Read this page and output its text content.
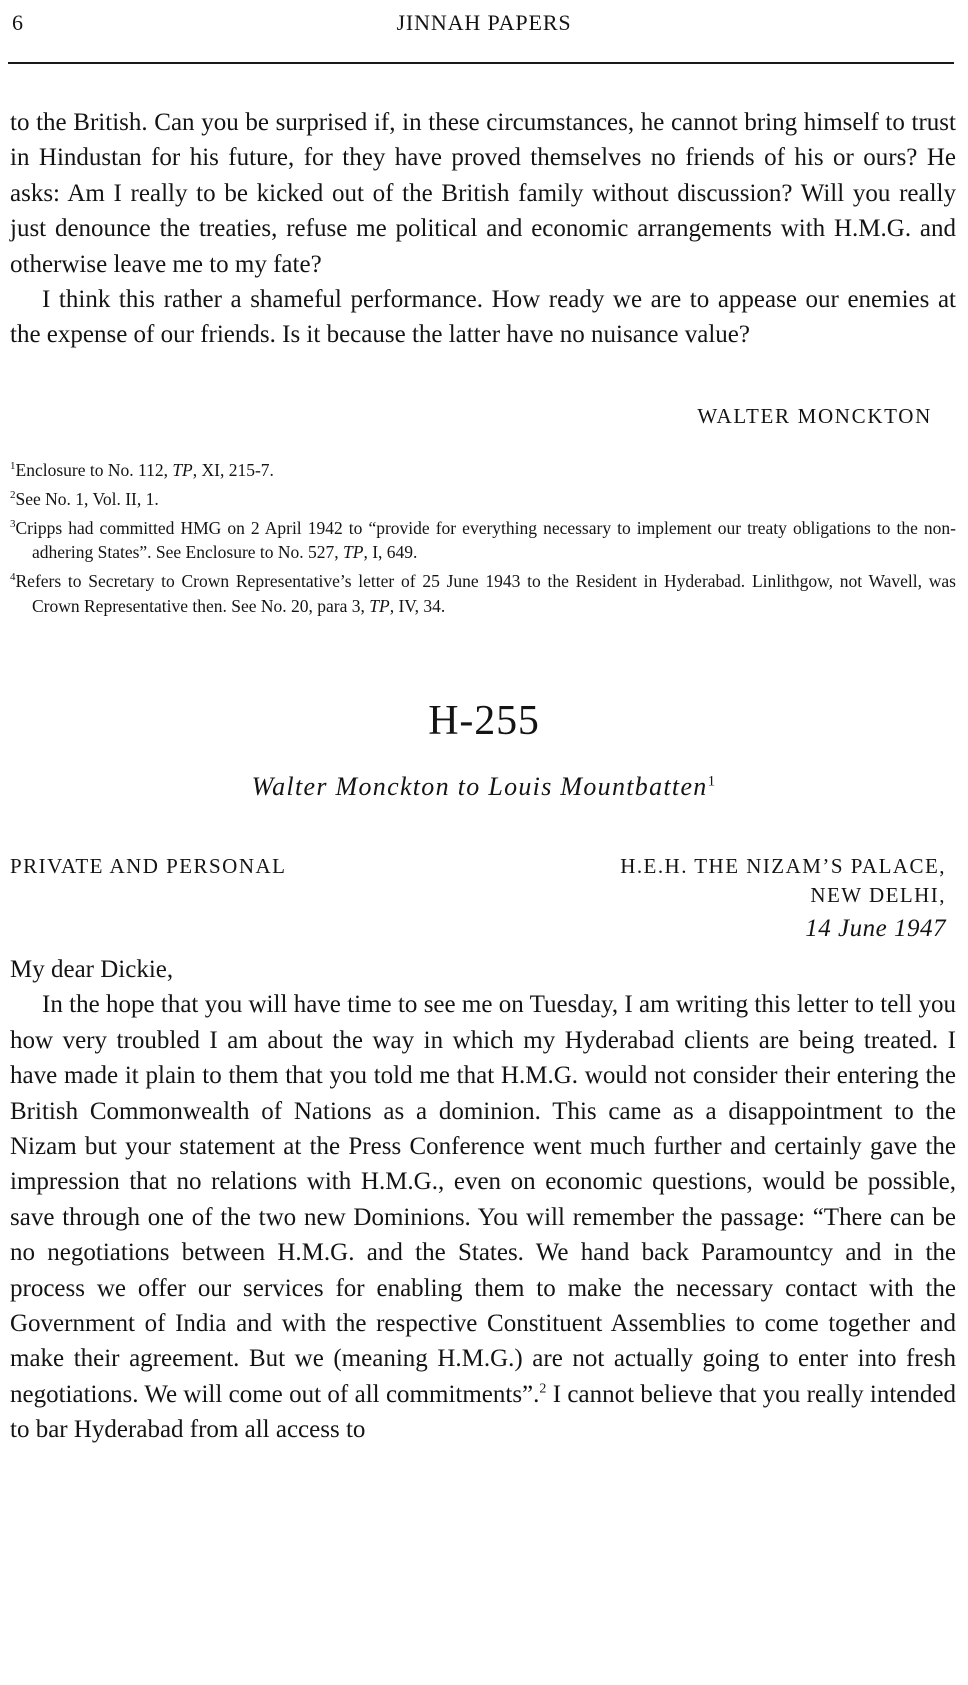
6	JINNAH PAPERS

to the British. Can you be surprised if, in these circumstances, he cannot bring himself to trust in Hindustan for his future, for they have proved themselves no friends of his or ours? He asks: Am I really to be kicked out of the British family without discussion? Will you really just denounce the treaties, refuse me political and economic arrangements with H.M.G. and otherwise leave me to my fate?

I think this rather a shameful performance. How ready we are to appease our enemies at the expense of our friends. Is it because the latter have no nuisance value?

WALTER MONCKTON

$^1$Enclosure to No. 112, TP, XI, 215-7.

$^2$See No. 1, Vol. II, 1.

$^3$Cripps had committed HMG on 2 April 1942 to “provide for everything necessary to implement our treaty obligations to the non-adhering States”. See Enclosure to No. 527, TP, I, 649.

$^4$Refers to Secretary to Crown Representative’s letter of 25 June 1943 to the Resident in Hyderabad. Linlithgow, not Wavell, was Crown Representative then. See No. 20, para 3, TP, IV, 34.

H-255
Walter Monckton to Louis Mountbatten$^1$
PRIVATE AND PERSONAL	H.E.H. THE NIZAM’S PALACE,
NEW DELHI,
14 June 1947

My dear Dickie,

In the hope that you will have time to see me on Tuesday, I am writing this letter to tell you how very troubled I am about the way in which my Hyderabad clients are being treated. I have made it plain to them that you told me that H.M.G. would not consider their entering the British Commonwealth of Nations as a dominion. This came as a disappointment to the Nizam but your statement at the Press Conference went much further and certainly gave the impression that no relations with H.M.G., even on economic questions, would be possible, save through one of the two new Dominions. You will remember the passage: “There can be no negotiations between H.M.G. and the States. We hand back Paramountcy and in the process we offer our services for enabling them to make the necessary contact with the Government of India and with the respective Constituent Assemblies to come together and make their agreement. But we (meaning H.M.G.) are not actually going to enter into fresh negotiations. We will come out of all commitments”.$^2$ I cannot believe that you really intended to bar Hyderabad from all access to
